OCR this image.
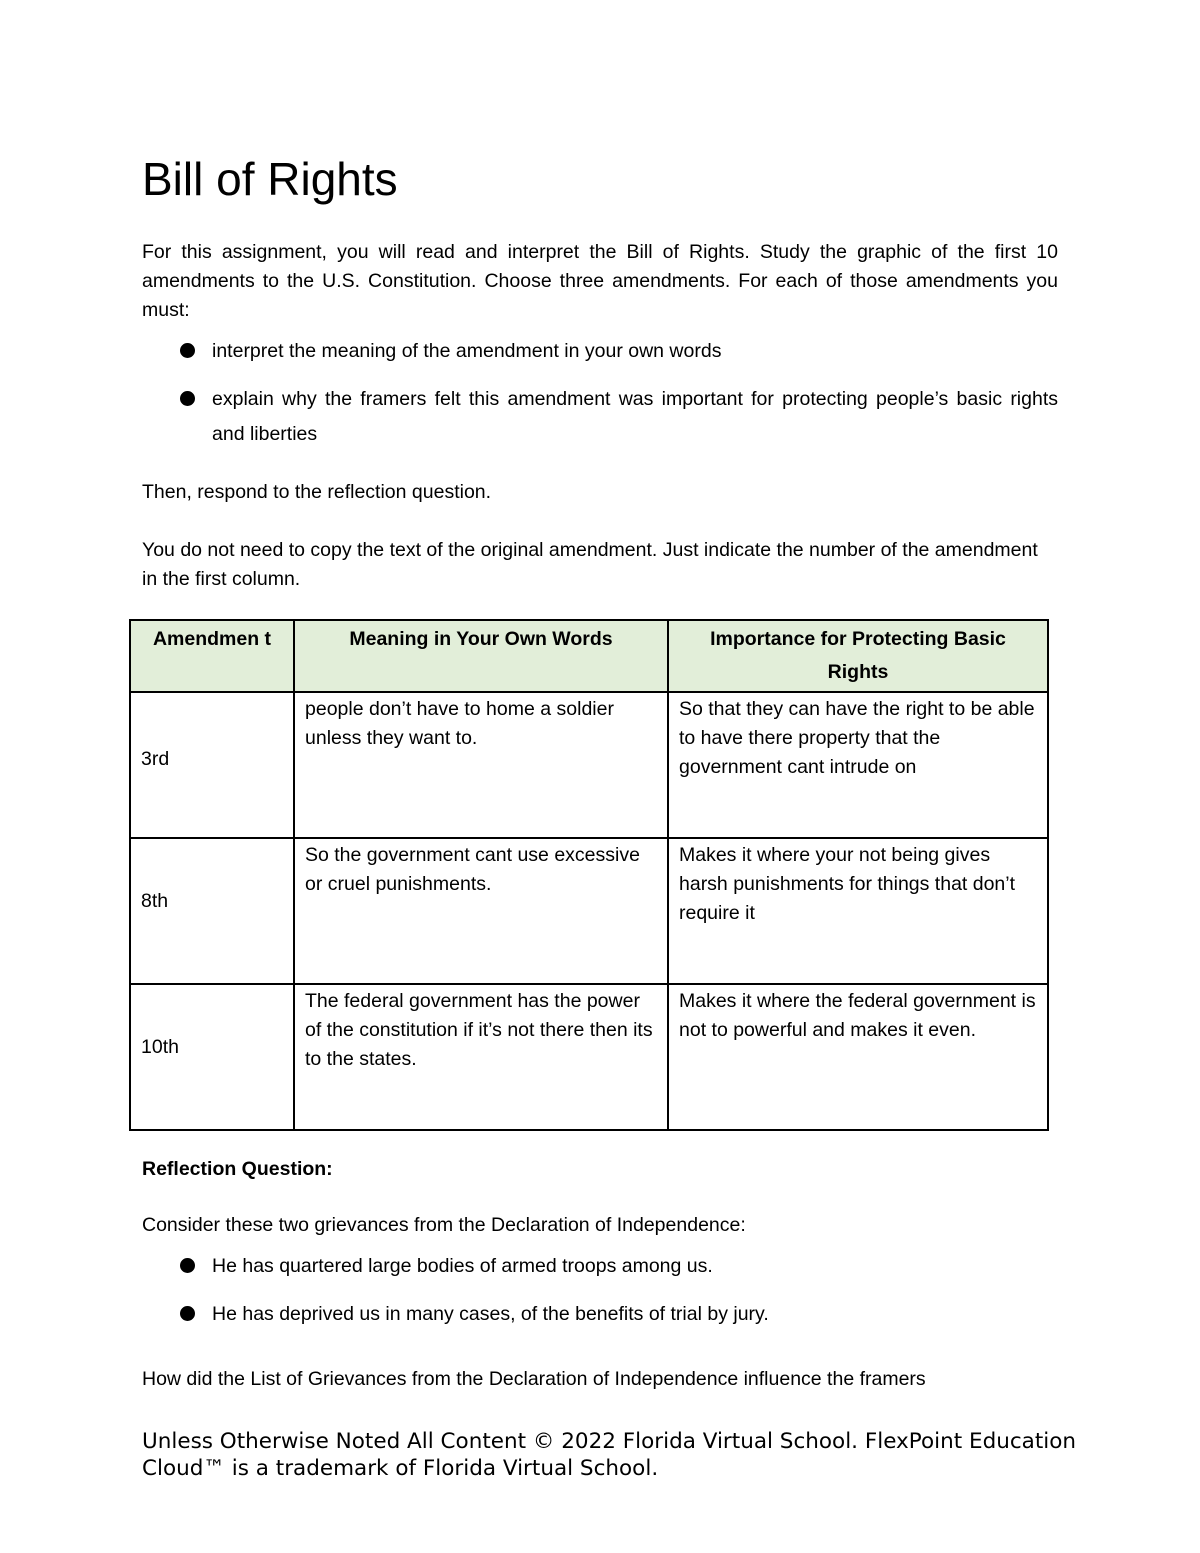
Bill of Rights

For this assignment, you will read and interpret the Bill of Rights. Study the graphic of the first 10 amendments to the U.S. Constitution. Choose three amendments. For each of those amendments you must:

interpret the meaning of the amendment in your own words
explain why the framers felt this amendment was important for protecting people’s basic rights and liberties

Then, respond to the reflection question.

You do not need to copy the text of the original amendment. Just indicate the number of the amendment in the first column.

Amendmen t	Meaning in Your Own Words	Importance for Protecting Basic Rights

3rd	people don’t have to home a soldier unless they want to.	So that they can have the right to be able to have there property that the government cant intrude on

8th	So the government cant use excessive or cruel punishments.	Makes it where your not being gives harsh punishments for things that don’t require it

10th	The federal government has the power of the constitution if it’s not there then its to the states.	Makes it where the federal government is not to powerful and makes it even.
Reflection Question:

Consider these two grievances from the Declaration of Independence:

He has quartered large bodies of armed troops among us.
He has deprived us in many cases, of the benefits of trial by jury.

How did the List of Grievances from the Declaration of Independence influence the framers

Unless Otherwise Noted All Content © 2022 Florida Virtual School. FlexPoint Education Cloud™ is a trademark of Florida Virtual School.
